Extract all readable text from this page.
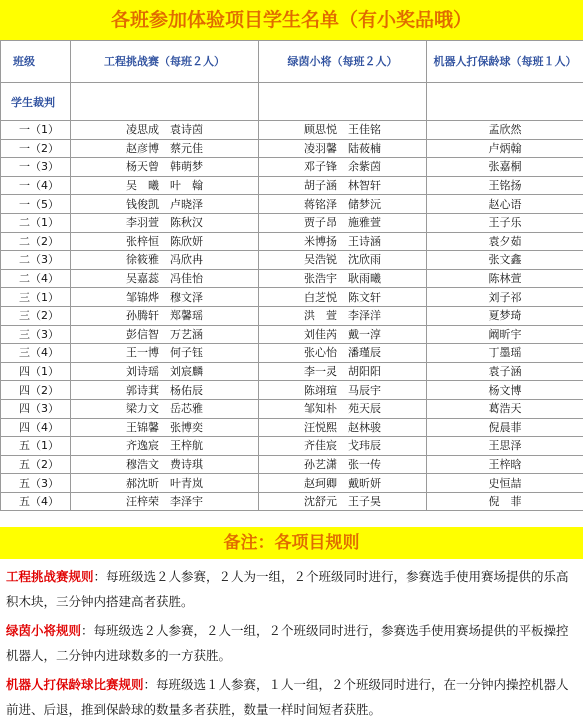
各班参加体验项目学生名单（有小奖品哦）
班级	工程挑战赛（每班２人）	绿茵小将（每班２人）	机器人打保龄球（每班１人）
学生裁判			
一（1）	凌思成　袁诗茵	顾思悦　王佳铭	孟欣然
一（2）	赵彦博　蔡元佳	凌羽馨　陆莜楠	卢炳翰
一（3）	杨天曾　韩萌梦	邓子锋　余紫茵	张嘉桐
一（4）	吴　曦　叶　翰	胡子涵　林智轩	王铭扬
一（5）	钱俊凯　卢晓泽	蒋铭泽　储梦沅	赵心语
二（1）	李羽萱　陈秋汉	贾子昂　施雅萱	王子乐
二（2）	张梓恒　陈欣妍	米博扬　王诗涵	袁夕茹
二（3）	徐筱雅　冯欣冉	吴浩锐　沈欣雨	张文鑫
二（4）	吴嘉蕊　冯佳怡	张浩宇　耿雨曦	陈林萱
三（1）	邹锦烨　穆文泽	白芝悦　陈文轩	刘子祁
三（2）	孙腾轩　郑馨瑶	洪　萱　李泽洋	夏梦琦
三（3）	彭信智　万艺涵	刘佳芮　戴一淳	阚昕宇
三（4）	王一博　何子钰	张心怡　潘瑾辰	丁墨瑶
四（1）	刘诗瑶　刘宸麟	李一灵　胡阳阳	袁子涵
四（2）	郭诗萁　杨佑辰	陈翊瑄　马辰宇	杨文博
四（3）	梁力文　岳芯雅	邹知朴　苑天辰	葛浩天
四（4）	王锦馨　张博奕	汪悦熙　赵林骏	倪晨菲
五（1）	齐逸宸　王梓航	齐佳宸　戈玮辰	王思泽
五（2）	穆浩文　费诗琪	孙艺潇　张一传	王梓晗
五（3）	郝沈昕　叶青岚	赵珂卿　戴昕妍	史恒喆
五（4）	汪梓荣　李泽宇	沈舒元　王子昊	倪　菲
备注：各项目规则

工程挑战赛规则：每班级选２人参赛，２人为一组，２个班级同时进行，参赛选手使用赛场提供的乐高积木块，三分钟内搭建高者获胜。

绿茵小将规则：每班级选２人参赛，２人一组，２个班级同时进行，参赛选手使用赛场提供的平板操控机器人，二分钟内进球数多的一方获胜。

机器人打保龄球比赛规则：每班级选１人参赛，１人一组，２个班级同时进行，在一分钟内操控机器人前进、后退，推到保龄球的数量多者获胜，数量一样时间短者获胜。
